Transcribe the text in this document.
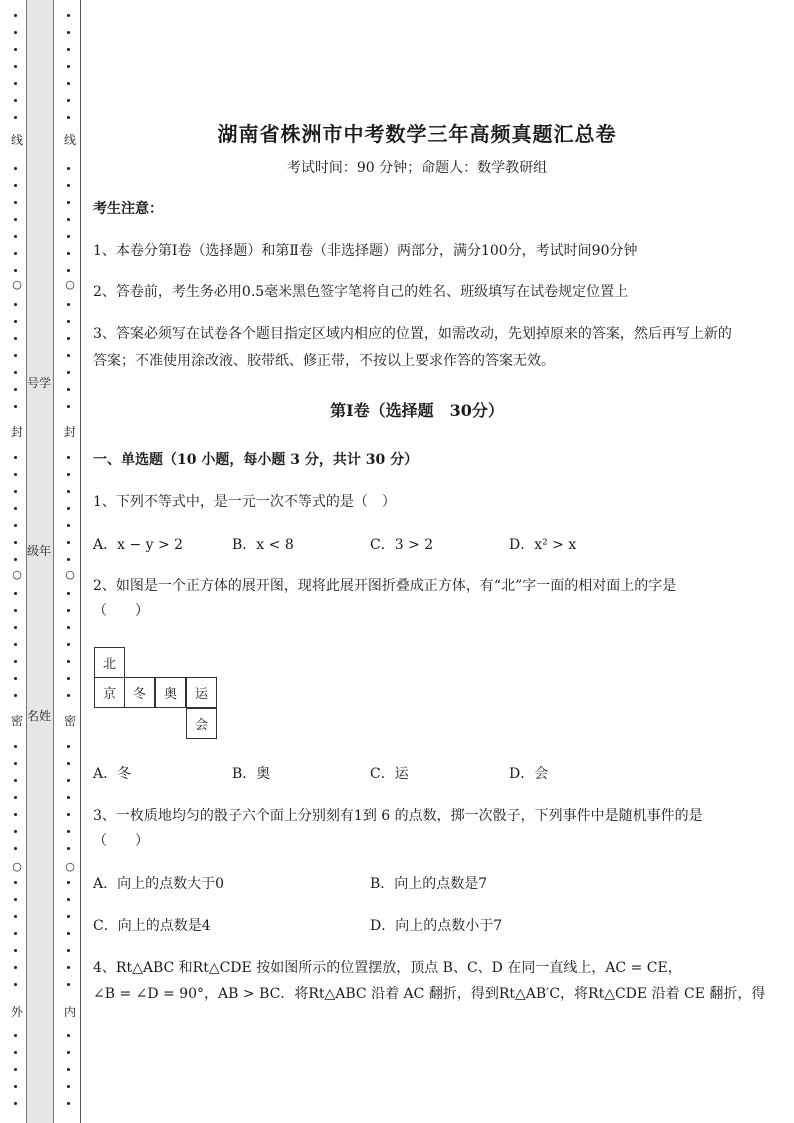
线
○
封
○
密
○
外
号学
级年
名姓
线
○
封
○
密
○
内
湖南省株洲市中考数学三年高频真题汇总卷
考试时间：90 分钟；命题人：数学教研组
考生注意：
1、本卷分第Ⅰ卷（选择题）和第Ⅱ卷（非选择题）两部分，满分100分，考试时间90分钟
2、答卷前，考生务必用0.5毫米黑色签字笔将自己的姓名、班级填写在试卷规定位置上
3、答案必须写在试卷各个题目指定区域内相应的位置，如需改动，先划掉原来的答案，然后再写上新的答案；不准使用涂改液、胶带纸、修正带，不按以上要求作答的答案无效。
第Ⅰ卷（选择题　30分）
一、单选题（10 小题，每小题 3 分，共计 30 分）
1、下列不等式中，是一元一次不等式的是（　）
A．x − y > 2	B．x < 8	C．3 > 2	D．x² > x
2、如图是一个正方体的展开图，现将此展开图折叠成正方体，有“北”字一面的相对面上的字是
（　　）
北
京	冬	奥	运
会
A．冬	B．奥	C．运	D．会
3、一枚质地均匀的骰子六个面上分别刻有1到 6 的点数，掷一次骰子，下列事件中是随机事件的是
（　　）
A．向上的点数大于0	B．向上的点数是7
C．向上的点数是4	D．向上的点数小于7
4、Rt△ABC 和Rt△CDE 按如图所示的位置摆放，顶点 B、C、D 在同一直线上，AC = CE，
∠B = ∠D = 90°，AB > BC．将Rt△ABC 沿着 AC 翻折，得到Rt△AB′C，将Rt△CDE 沿着 CE 翻折，得
